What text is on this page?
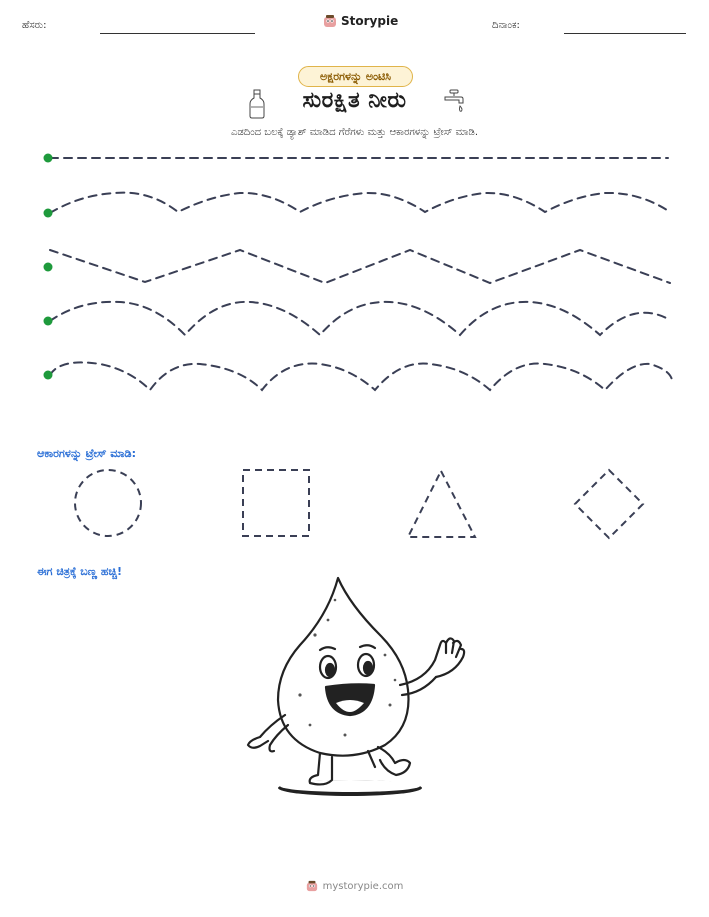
ಹೆಸರು:	Storypie	ದಿನಾಂಕ:
ಅಕ್ಷರಗಳನ್ನು ಅಂಟಿಸಿ
ಸುರಕ್ಷಿತ ನೀರು
ಎಡದಿಂದ ಬಲಕ್ಕೆ ಡ್ಯಾಶ್ ಮಾಡಿದ ಗೆರೆಗಳು ಮತ್ತು ಆಕಾರಗಳನ್ನು ಟ್ರೇಸ್ ಮಾಡಿ.
ಆಕಾರಗಳನ್ನು ಟ್ರೇಸ್ ಮಾಡಿ:
ಈಗ ಚಿತ್ರಕ್ಕೆ ಬಣ್ಣ ಹಚ್ಚಿ!
mystorypie.com
